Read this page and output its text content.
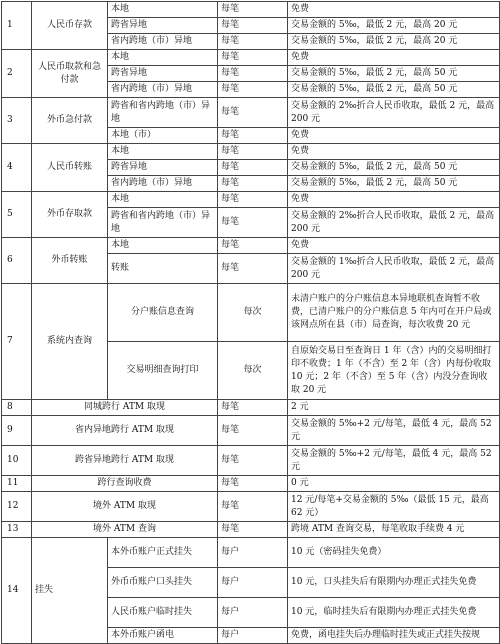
1	人民币存款	本地	每笔	免费
		跨省异地	每笔	交易金额的 5‰，最低 2 元，最高 20 元
		省内跨地（市）异地	每笔	交易金额的 5‰，最低 2 元，最高 20 元
2	人民币取款和急付款	本地	每笔	免费
		跨省异地	每笔	交易金额的 5‰，最低 2 元，最高 50 元
		省内跨地（市）异地	每笔	交易金额的 5‰，最低 2 元，最高 50 元
3	外币急付款	跨省和省内跨地（市）异地	每笔	交易金额的 2‰折合人民币收取，最低 2 元，最高 200 元
		本地（市）	每笔	免费
4	人民币转账	本地	每笔	免费
		跨省异地	每笔	交易金额的 5‰，最低 2 元，最高 50 元
		省内跨地（市）异地	每笔	交易金额的 5‰，最低 2 元，最高 50 元
5	外币存取款	本地	每笔	免费
		跨省和省内跨地（市）异地	每笔	交易金额的 2‰折合人民币收取，最低 2 元，最高 200 元
6	外币转账	本地	每笔	免费
		转账	每笔	交易金额的 1‰折合人民币收取，最低 2 元，最高 200 元
7	系统内查询	分户账信息查询	每次	未清户账户的分户账信息本异地联机查询暂不收费，已清户账户的分户账信息 5 年内可在开户局或该网点所在县（市）局查询，每次收费 20 元
		交易明细查询打印	每次	自原始交易日至查询日 1 年（含）内的交易明细打印不收费；1 年（不含）至 2 年（含）内每份收取10 元；2 年（不含）至 5 年（含）内没分查询收取 20 元
8	同城跨行 ATM 取现		每笔	2 元
9	省内异地跨行 ATM 取现		每笔	交易金额的 5‰+2 元/每笔，最低 4 元，最高 52 元
10	跨省异地跨行 ATM 取现		每笔	交易金额的 5‰+2 元/每笔，最低 4 元，最高 52 元
11	跨行查询收费		每笔	0 元
12	境外 ATM 取现		每笔	12 元/每笔+交易金额的 5‰（最低 15 元，最高 62 元）
13	境外 ATM 查询		每笔	跨境 ATM 查询交易，每笔收取手续费 4 元
14	挂失	本外币账户正式挂失	每户	10 元（密码挂失免费）
		外币币账户口头挂失	每户	10 元，口头挂失后有限期内办理正式挂失免费
		人民币账户临时挂失	每户	10 元，临时挂失后有限期内办理正式挂失免费
		本外币账户函电	每户	免费，函电挂失后办理临时挂失或正式挂失按规
